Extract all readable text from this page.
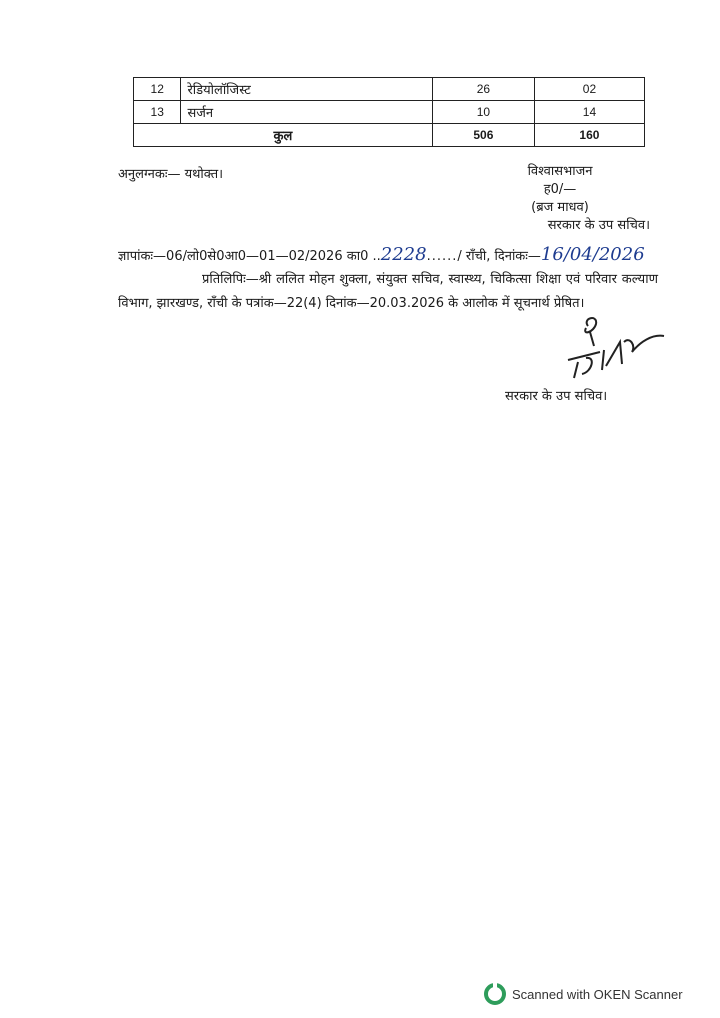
12	रेडियोलॉजिस्ट	26	02
13	सर्जन	10	14
कुल		506	160
अनुलग्नकः— यथोक्त।	विश्वासभाजन
ह0/—
(ब्रज माधव)
सरकार के उप सचिव।
ज्ञापांकः—06/लो0से0आ0—01—02/2026 का0 ..2228....../ राँची, दिनांकः—16/04/2026
प्रतिलिपिः—श्री ललित मोहन शुक्ला, संयुक्त सचिव, स्वास्थ्य, चिकित्सा शिक्षा एवं परिवार कल्याण विभाग, झारखण्ड, राँची के पत्रांक—22(4) दिनांक—20.03.2026 के आलोक में सूचनार्थ प्रेषित।
सरकार के उप सचिव।
Scanned with OKEN Scanner
